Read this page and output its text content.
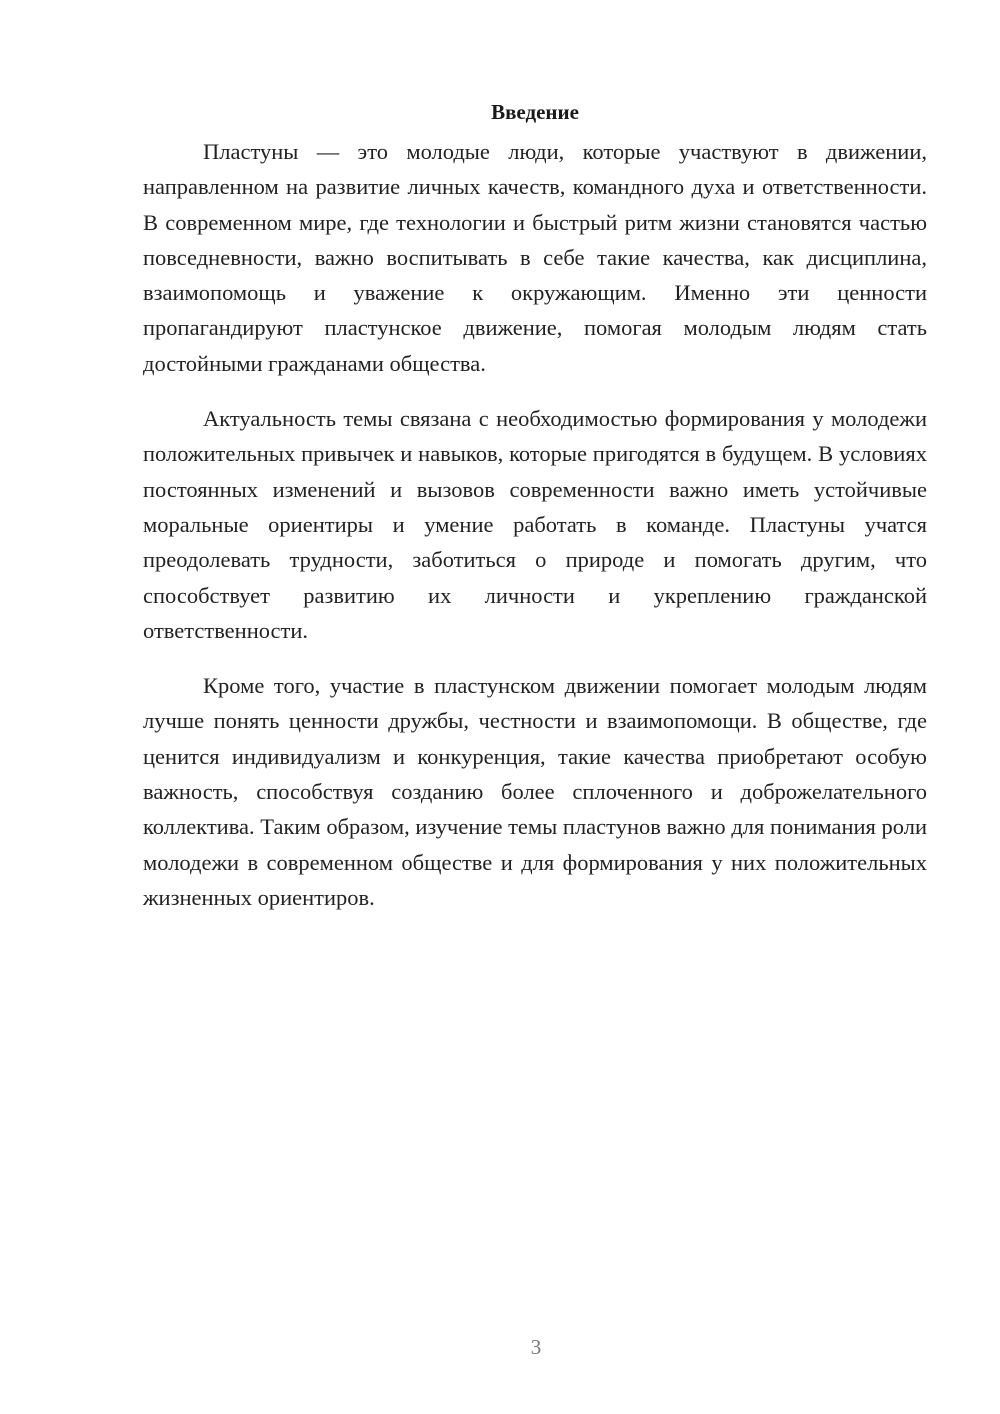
Введение

Пластуны — это молодые люди, которые участвуют в движении, направленном на развитие личных качеств, командного духа и ответственности. В современном мире, где технологии и быстрый ритм жизни становятся частью повседневности, важно воспитывать в себе такие качества, как дисциплина, взаимопомощь и уважение к окружающим. Именно эти ценности пропагандируют пластунское движение, помогая молодым людям стать достойными гражданами общества.

Актуальность темы связана с необходимостью формирования у молодежи положительных привычек и навыков, которые пригодятся в будущем. В условиях постоянных изменений и вызовов современности важно иметь устойчивые моральные ориентиры и умение работать в команде. Пластуны учатся преодолевать трудности, заботиться о природе и помогать другим, что способствует развитию их личности и укреплению гражданской ответственности.

Кроме того, участие в пластунском движении помогает молодым людям лучше понять ценности дружбы, честности и взаимопомощи. В обществе, где ценится индивидуализм и конкуренция, такие качества приобретают особую важность, способствуя созданию более сплоченного и доброжелательного коллектива. Таким образом, изучение темы пластунов важно для понимания роли молодежи в современном обществе и для формирования у них положительных жизненных ориентиров.

3
